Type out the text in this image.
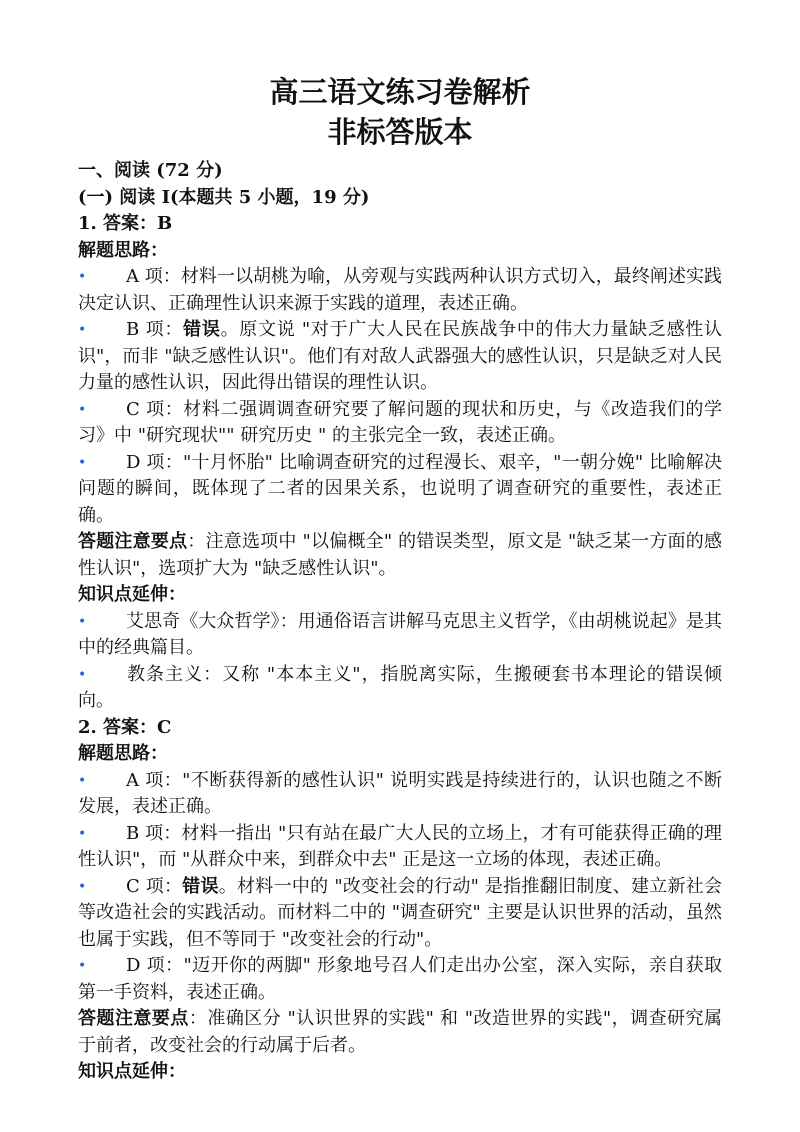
高三语文练习卷解析
非标答版本

一、阅读 (72 分)

(一) 阅读 I(本题共 5 小题，19 分)

1. 答案：B

解题思路：

• A 项：材料一以胡桃为喻，从旁观与实践两种认识方式切入，最终阐述实践决定认识、正确理性认识来源于实践的道理，表述正确。

• B 项：错误。原文说 "对于广大人民在民族战争中的伟大力量缺乏感性认识"，而非 "缺乏感性认识"。他们有对敌人武器强大的感性认识，只是缺乏对人民力量的感性认识，因此得出错误的理性认识。

• C 项：材料二强调调查研究要了解问题的现状和历史，与《改造我们的学习》中 "研究现状"" 研究历史 " 的主张完全一致，表述正确。

• D 项："十月怀胎" 比喻调查研究的过程漫长、艰辛，"一朝分娩" 比喻解决问题的瞬间，既体现了二者的因果关系，也说明了调查研究的重要性，表述正确。

答题注意要点：注意选项中 "以偏概全" 的错误类型，原文是 "缺乏某一方面的感性认识"，选项扩大为 "缺乏感性认识"。

知识点延伸：

• 艾思奇《大众哲学》：用通俗语言讲解马克思主义哲学，《由胡桃说起》是其中的经典篇目。

• 教条主义：又称 "本本主义"，指脱离实际，生搬硬套书本理论的错误倾向。

2. 答案：C

解题思路：

• A 项："不断获得新的感性认识" 说明实践是持续进行的，认识也随之不断发展，表述正确。

• B 项：材料一指出 "只有站在最广大人民的立场上，才有可能获得正确的理性认识"，而 "从群众中来，到群众中去" 正是这一立场的体现，表述正确。

• C 项：错误。材料一中的 "改变社会的行动" 是指推翻旧制度、建立新社会等改造社会的实践活动。而材料二中的 "调查研究" 主要是认识世界的活动，虽然也属于实践，但不等同于 "改变社会的行动"。

• D 项："迈开你的两脚" 形象地号召人们走出办公室，深入实际，亲自获取第一手资料，表述正确。

答题注意要点：准确区分 "认识世界的实践" 和 "改造世界的实践"，调查研究属于前者，改变社会的行动属于后者。

知识点延伸：
